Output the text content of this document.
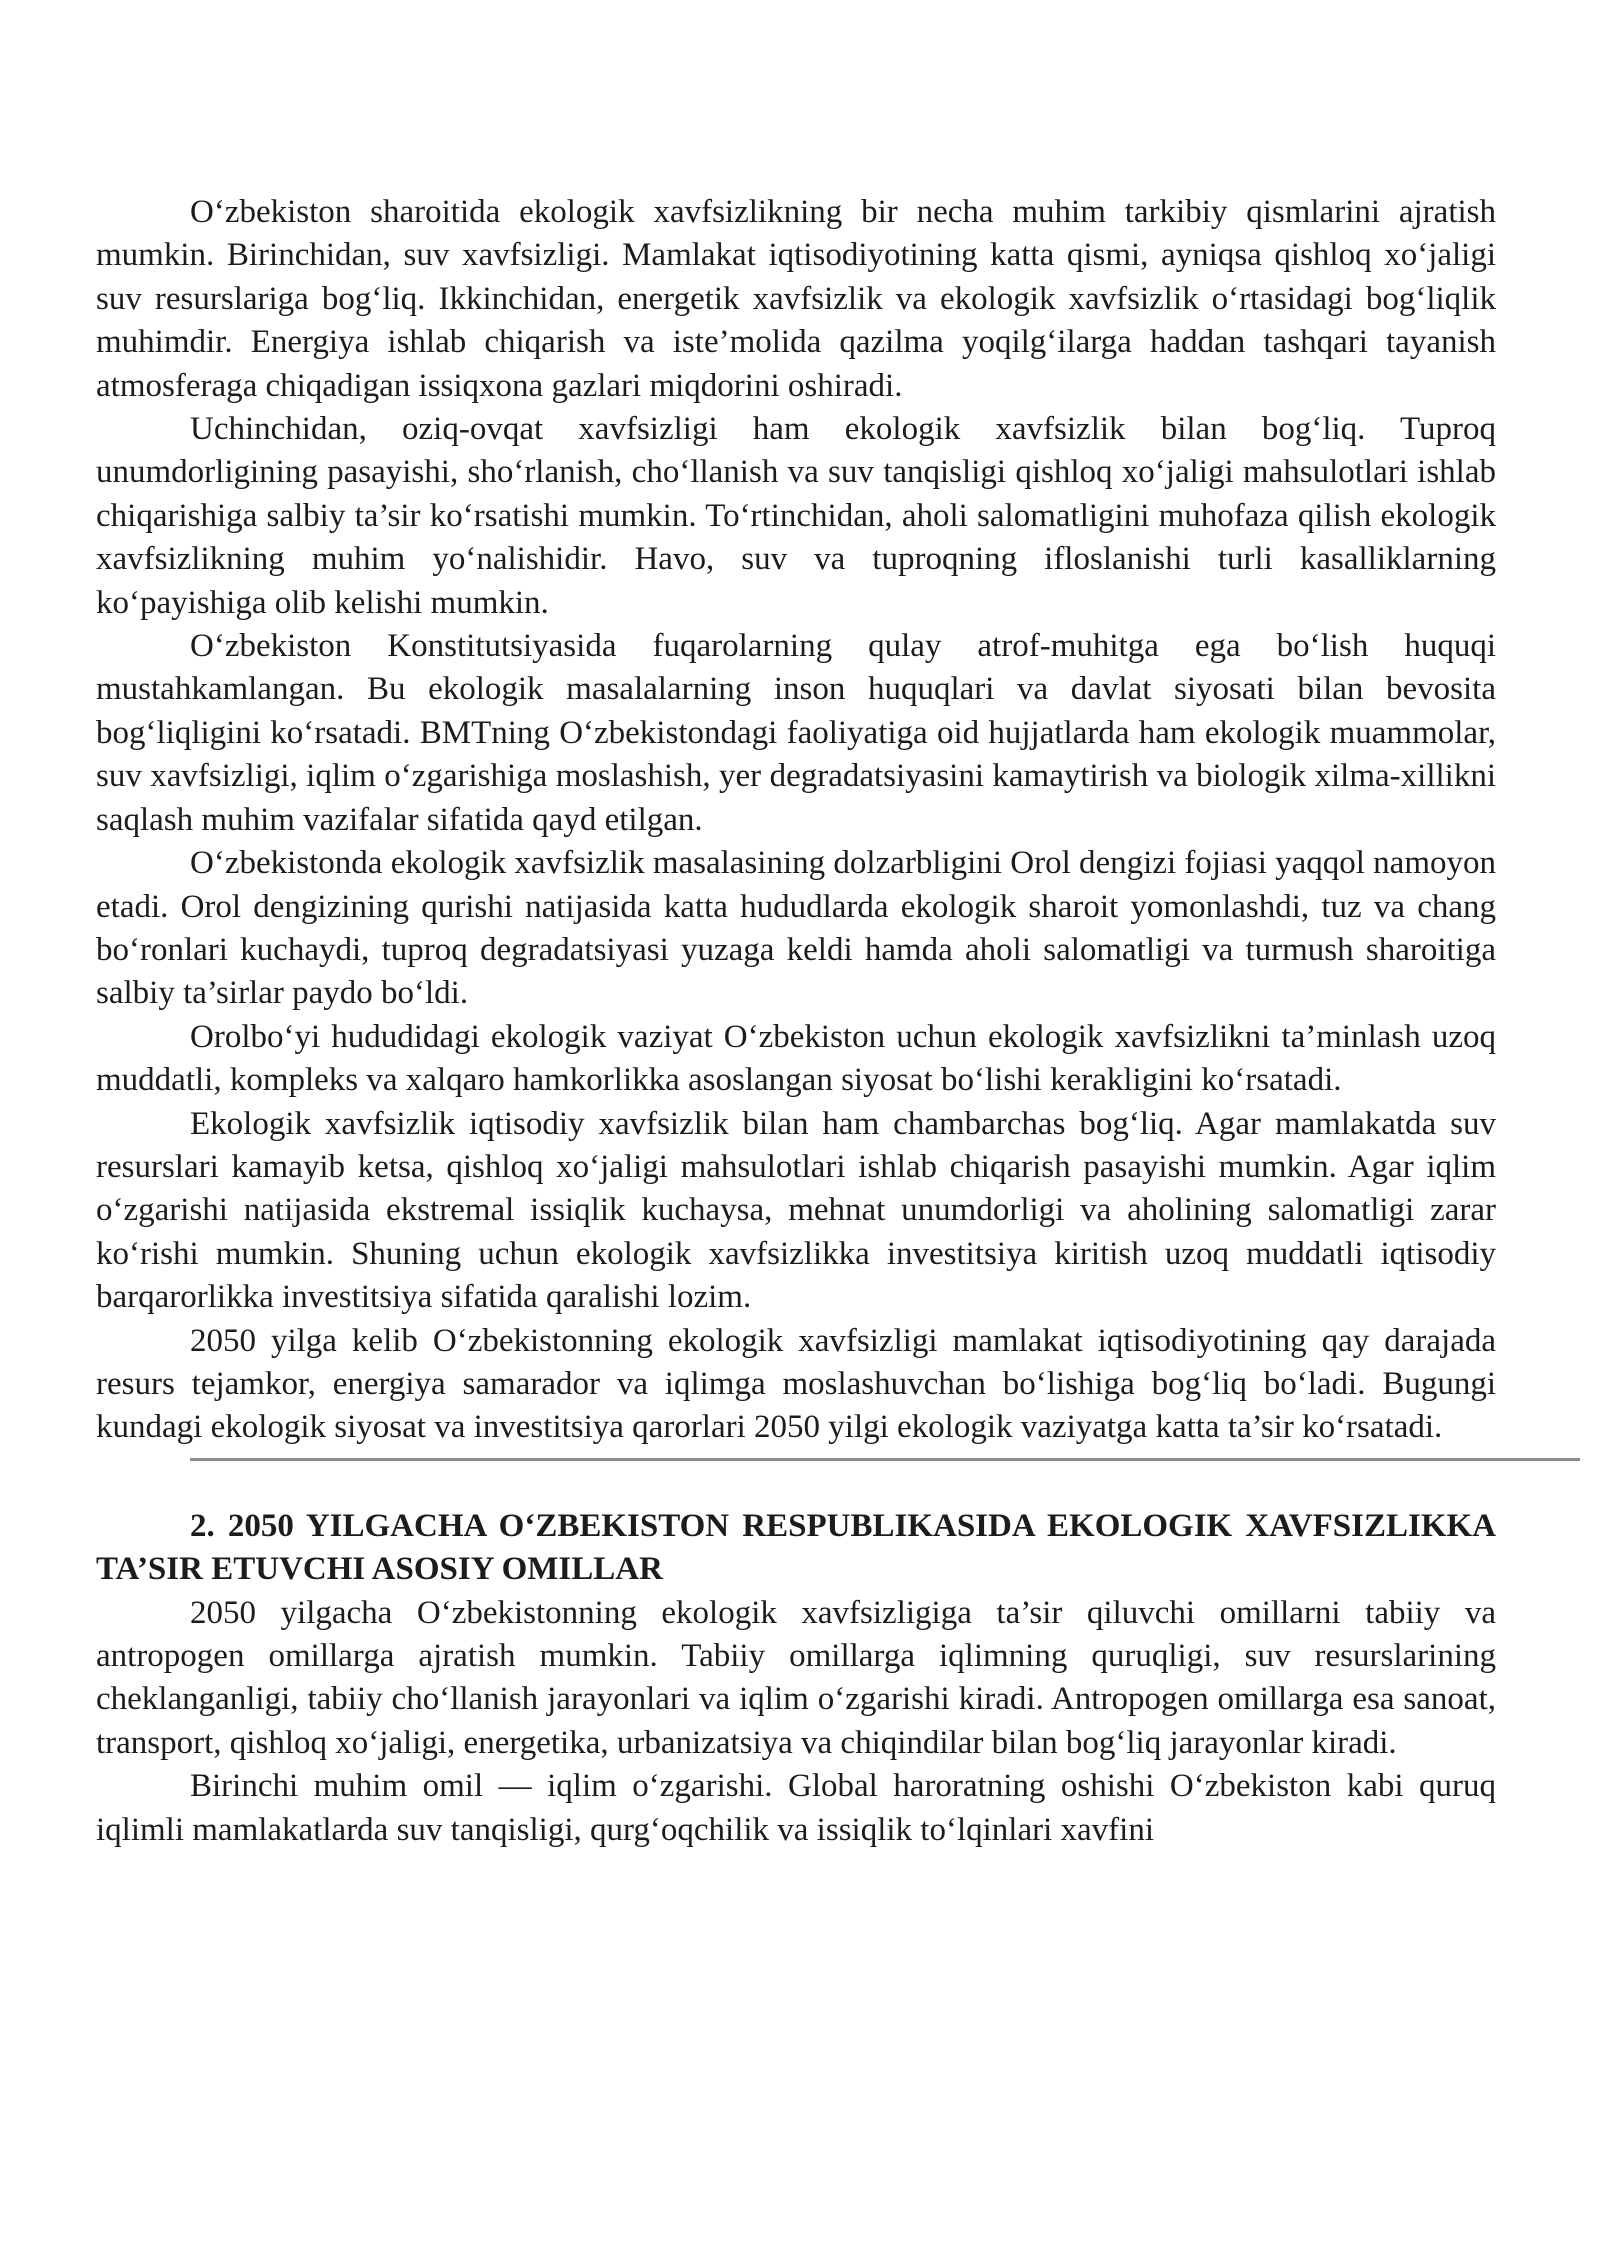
O‘zbekiston sharoitida ekologik xavfsizlikning bir necha muhim tarkibiy qismlarini ajratish mumkin. Birinchidan, suv xavfsizligi. Mamlakat iqtisodiyotining katta qismi, ayniqsa qishloq xo‘jaligi suv resurslariga bog‘liq. Ikkinchidan, energetik xavfsizlik va ekologik xavfsizlik o‘rtasidagi bog‘liqlik muhimdir. Energiya ishlab chiqarish va iste’molida qazilma yoqilg‘ilarga haddan tashqari tayanish atmosferaga chiqadigan issiqxona gazlari miqdorini oshiradi.

Uchinchidan, oziq-ovqat xavfsizligi ham ekologik xavfsizlik bilan bog‘liq. Tuproq unumdorligining pasayishi, sho‘rlanish, cho‘llanish va suv tanqisligi qishloq xo‘jaligi mahsulotlari ishlab chiqarishiga salbiy ta’sir ko‘rsatishi mumkin. To‘rtinchidan, aholi salomatligini muhofaza qilish ekologik xavfsizlikning muhim yo‘nalishidir. Havo, suv va tuproqning ifloslanishi turli kasalliklarning ko‘payishiga olib kelishi mumkin.

O‘zbekiston Konstitutsiyasida fuqarolarning qulay atrof-muhitga ega bo‘lish huquqi mustahkamlangan. Bu ekologik masalalarning inson huquqlari va davlat siyosati bilan bevosita bog‘liqligini ko‘rsatadi. BMTning O‘zbekistondagi faoliyatiga oid hujjatlarda ham ekologik muammolar, suv xavfsizligi, iqlim o‘zgarishiga moslashish, yer degradatsiyasini kamaytirish va biologik xilma-xillikni saqlash muhim vazifalar sifatida qayd etilgan.

O‘zbekistonda ekologik xavfsizlik masalasining dolzarbligini Orol dengizi fojiasi yaqqol namoyon etadi. Orol dengizining qurishi natijasida katta hududlarda ekologik sharoit yomonlashdi, tuz va chang bo‘ronlari kuchaydi, tuproq degradatsiyasi yuzaga keldi hamda aholi salomatligi va turmush sharoitiga salbiy ta’sirlar paydo bo‘ldi.

Orolbo‘yi hududidagi ekologik vaziyat O‘zbekiston uchun ekologik xavfsizlikni ta’minlash uzoq muddatli, kompleks va xalqaro hamkorlikka asoslangan siyosat bo‘lishi kerakligini ko‘rsatadi.

Ekologik xavfsizlik iqtisodiy xavfsizlik bilan ham chambarchas bog‘liq. Agar mamlakatda suv resurslari kamayib ketsa, qishloq xo‘jaligi mahsulotlari ishlab chiqarish pasayishi mumkin. Agar iqlim o‘zgarishi natijasida ekstremal issiqlik kuchaysa, mehnat unumdorligi va aholining salomatligi zarar ko‘rishi mumkin. Shuning uchun ekologik xavfsizlikka investitsiya kiritish uzoq muddatli iqtisodiy barqarorlikka investitsiya sifatida qaralishi lozim.

2050 yilga kelib O‘zbekistonning ekologik xavfsizligi mamlakat iqtisodiyotining qay darajada resurs tejamkor, energiya samarador va iqlimga moslashuvchan bo‘lishiga bog‘liq bo‘ladi. Bugungi kundagi ekologik siyosat va investitsiya qarorlari 2050 yilgi ekologik vaziyatga katta ta’sir ko‘rsatadi.

2. 2050 YILGACHA O‘ZBEKISTON RESPUBLIKASIDA EKOLOGIK XAVFSIZLIKKA TA’SIR ETUVCHI ASOSIY OMILLAR

2050 yilgacha O‘zbekistonning ekologik xavfsizligiga ta’sir qiluvchi omillarni tabiiy va antropogen omillarga ajratish mumkin. Tabiiy omillarga iqlimning quruqligi, suv resurslarining cheklanganligi, tabiiy cho‘llanish jarayonlari va iqlim o‘zgarishi kiradi. Antropogen omillarga esa sanoat, transport, qishloq xo‘jaligi, energetika, urbanizatsiya va chiqindilar bilan bog‘liq jarayonlar kiradi.

Birinchi muhim omil — iqlim o‘zgarishi. Global haroratning oshishi O‘zbekiston kabi quruq iqlimli mamlakatlarda suv tanqisligi, qurg‘oqchilik va issiqlik to‘lqinlari xavfini
